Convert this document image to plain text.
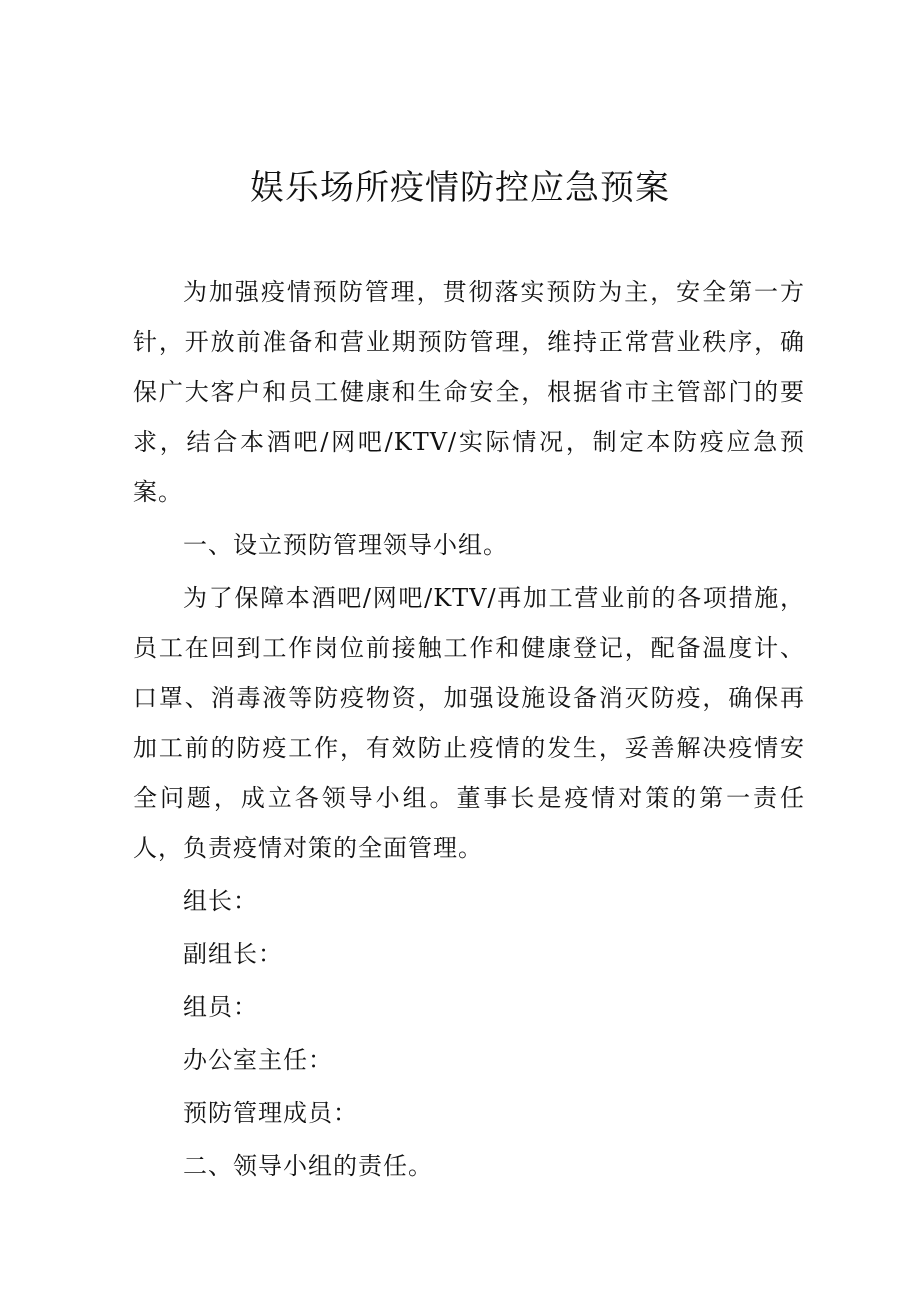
娱乐场所疫情防控应急预案

为加强疫情预防管理，贯彻落实预防为主，安全第一方针，开放前准备和营业期预防管理，维持正常营业秩序，确保广大客户和员工健康和生命安全，根据省市主管部门的要求，结合本酒吧/网吧/KTV/实际情况，制定本防疫应急预案。

一、设立预防管理领导小组。

为了保障本酒吧/网吧/KTV/再加工营业前的各项措施，员工在回到工作岗位前接触工作和健康登记，配备温度计、口罩、消毒液等防疫物资，加强设施设备消灭防疫，确保再加工前的防疫工作，有效防止疫情的发生，妥善解决疫情安全问题，成立各领导小组。董事长是疫情对策的第一责任人，负责疫情对策的全面管理。

组长：

副组长：

组员：

办公室主任：

预防管理成员：

二、领导小组的责任。
